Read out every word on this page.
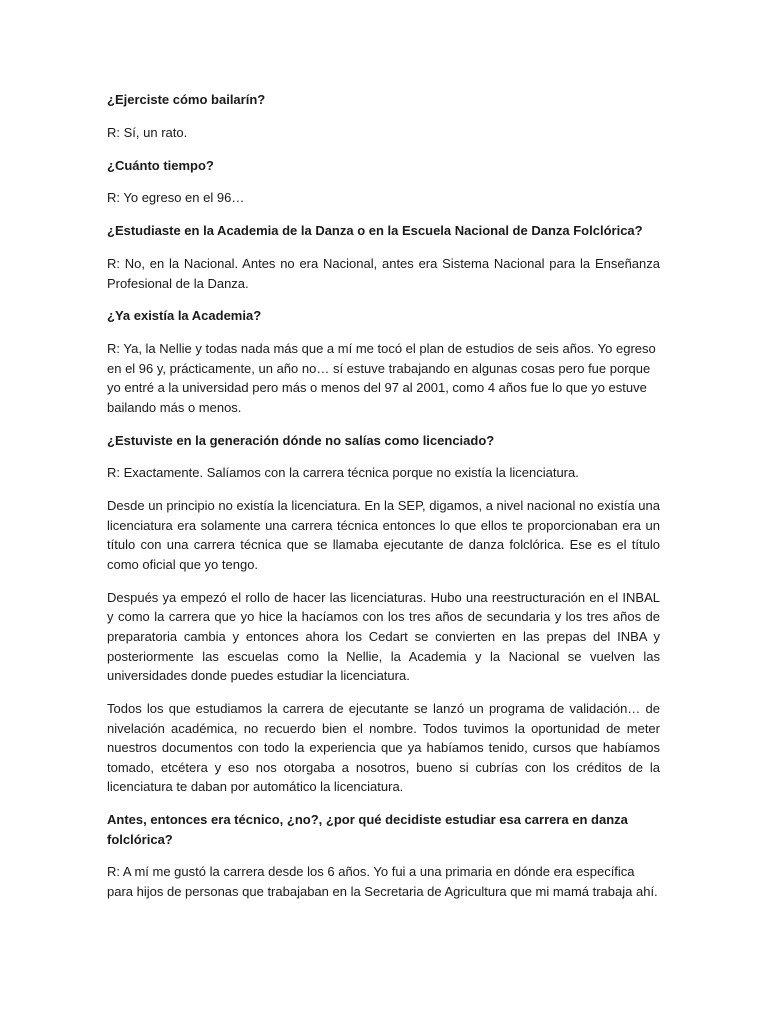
¿Ejerciste cómo bailarín?

R: Sí, un rato.

¿Cuánto tiempo?

R: Yo egreso en el 96…

¿Estudiaste en la Academia de la Danza o en la Escuela Nacional de Danza Folclórica?

R: No, en la Nacional. Antes no era Nacional, antes era Sistema Nacional para la Enseñanza Profesional de la Danza.

¿Ya existía la Academia?

R: Ya, la Nellie y todas nada más que a mí me tocó el plan de estudios de seis años. Yo egreso en el 96 y, prácticamente, un año no… sí estuve trabajando en algunas cosas pero fue porque yo entré a la universidad pero más o menos del 97 al 2001, como 4 años fue lo que yo estuve bailando más o menos.

¿Estuviste en la generación dónde no salías como licenciado?

R: Exactamente. Salíamos con la carrera técnica porque no existía la licenciatura.

Desde un principio no existía la licenciatura. En la SEP, digamos, a nivel nacional no existía una licenciatura era solamente una carrera técnica entonces lo que ellos te proporcionaban era un título con una carrera técnica que se llamaba ejecutante de danza folclórica. Ese es el título como oficial que yo tengo.

Después ya empezó el rollo de hacer las licenciaturas. Hubo una reestructuración en el INBAL y como la carrera que yo hice la hacíamos con los tres años de secundaria y los tres años de preparatoria cambia y entonces ahora los Cedart se convierten en las prepas del INBA y posteriormente las escuelas como la Nellie, la Academia y la Nacional se vuelven las universidades donde puedes estudiar la licenciatura.

Todos los que estudiamos la carrera de ejecutante se lanzó un programa de validación… de nivelación académica, no recuerdo bien el nombre. Todos tuvimos la oportunidad de meter nuestros documentos con todo la experiencia que ya habíamos tenido, cursos que habíamos tomado, etcétera y eso nos otorgaba a nosotros, bueno si cubrías con los créditos de la licenciatura te daban por automático la licenciatura.

Antes, entonces era técnico, ¿no?, ¿por qué decidiste estudiar esa carrera en danza folclórica?

R: A mí me gustó la carrera desde los 6 años. Yo fui a una primaria en dónde era específica para hijos de personas que trabajaban en la Secretaria de Agricultura que mi mamá trabaja ahí.
